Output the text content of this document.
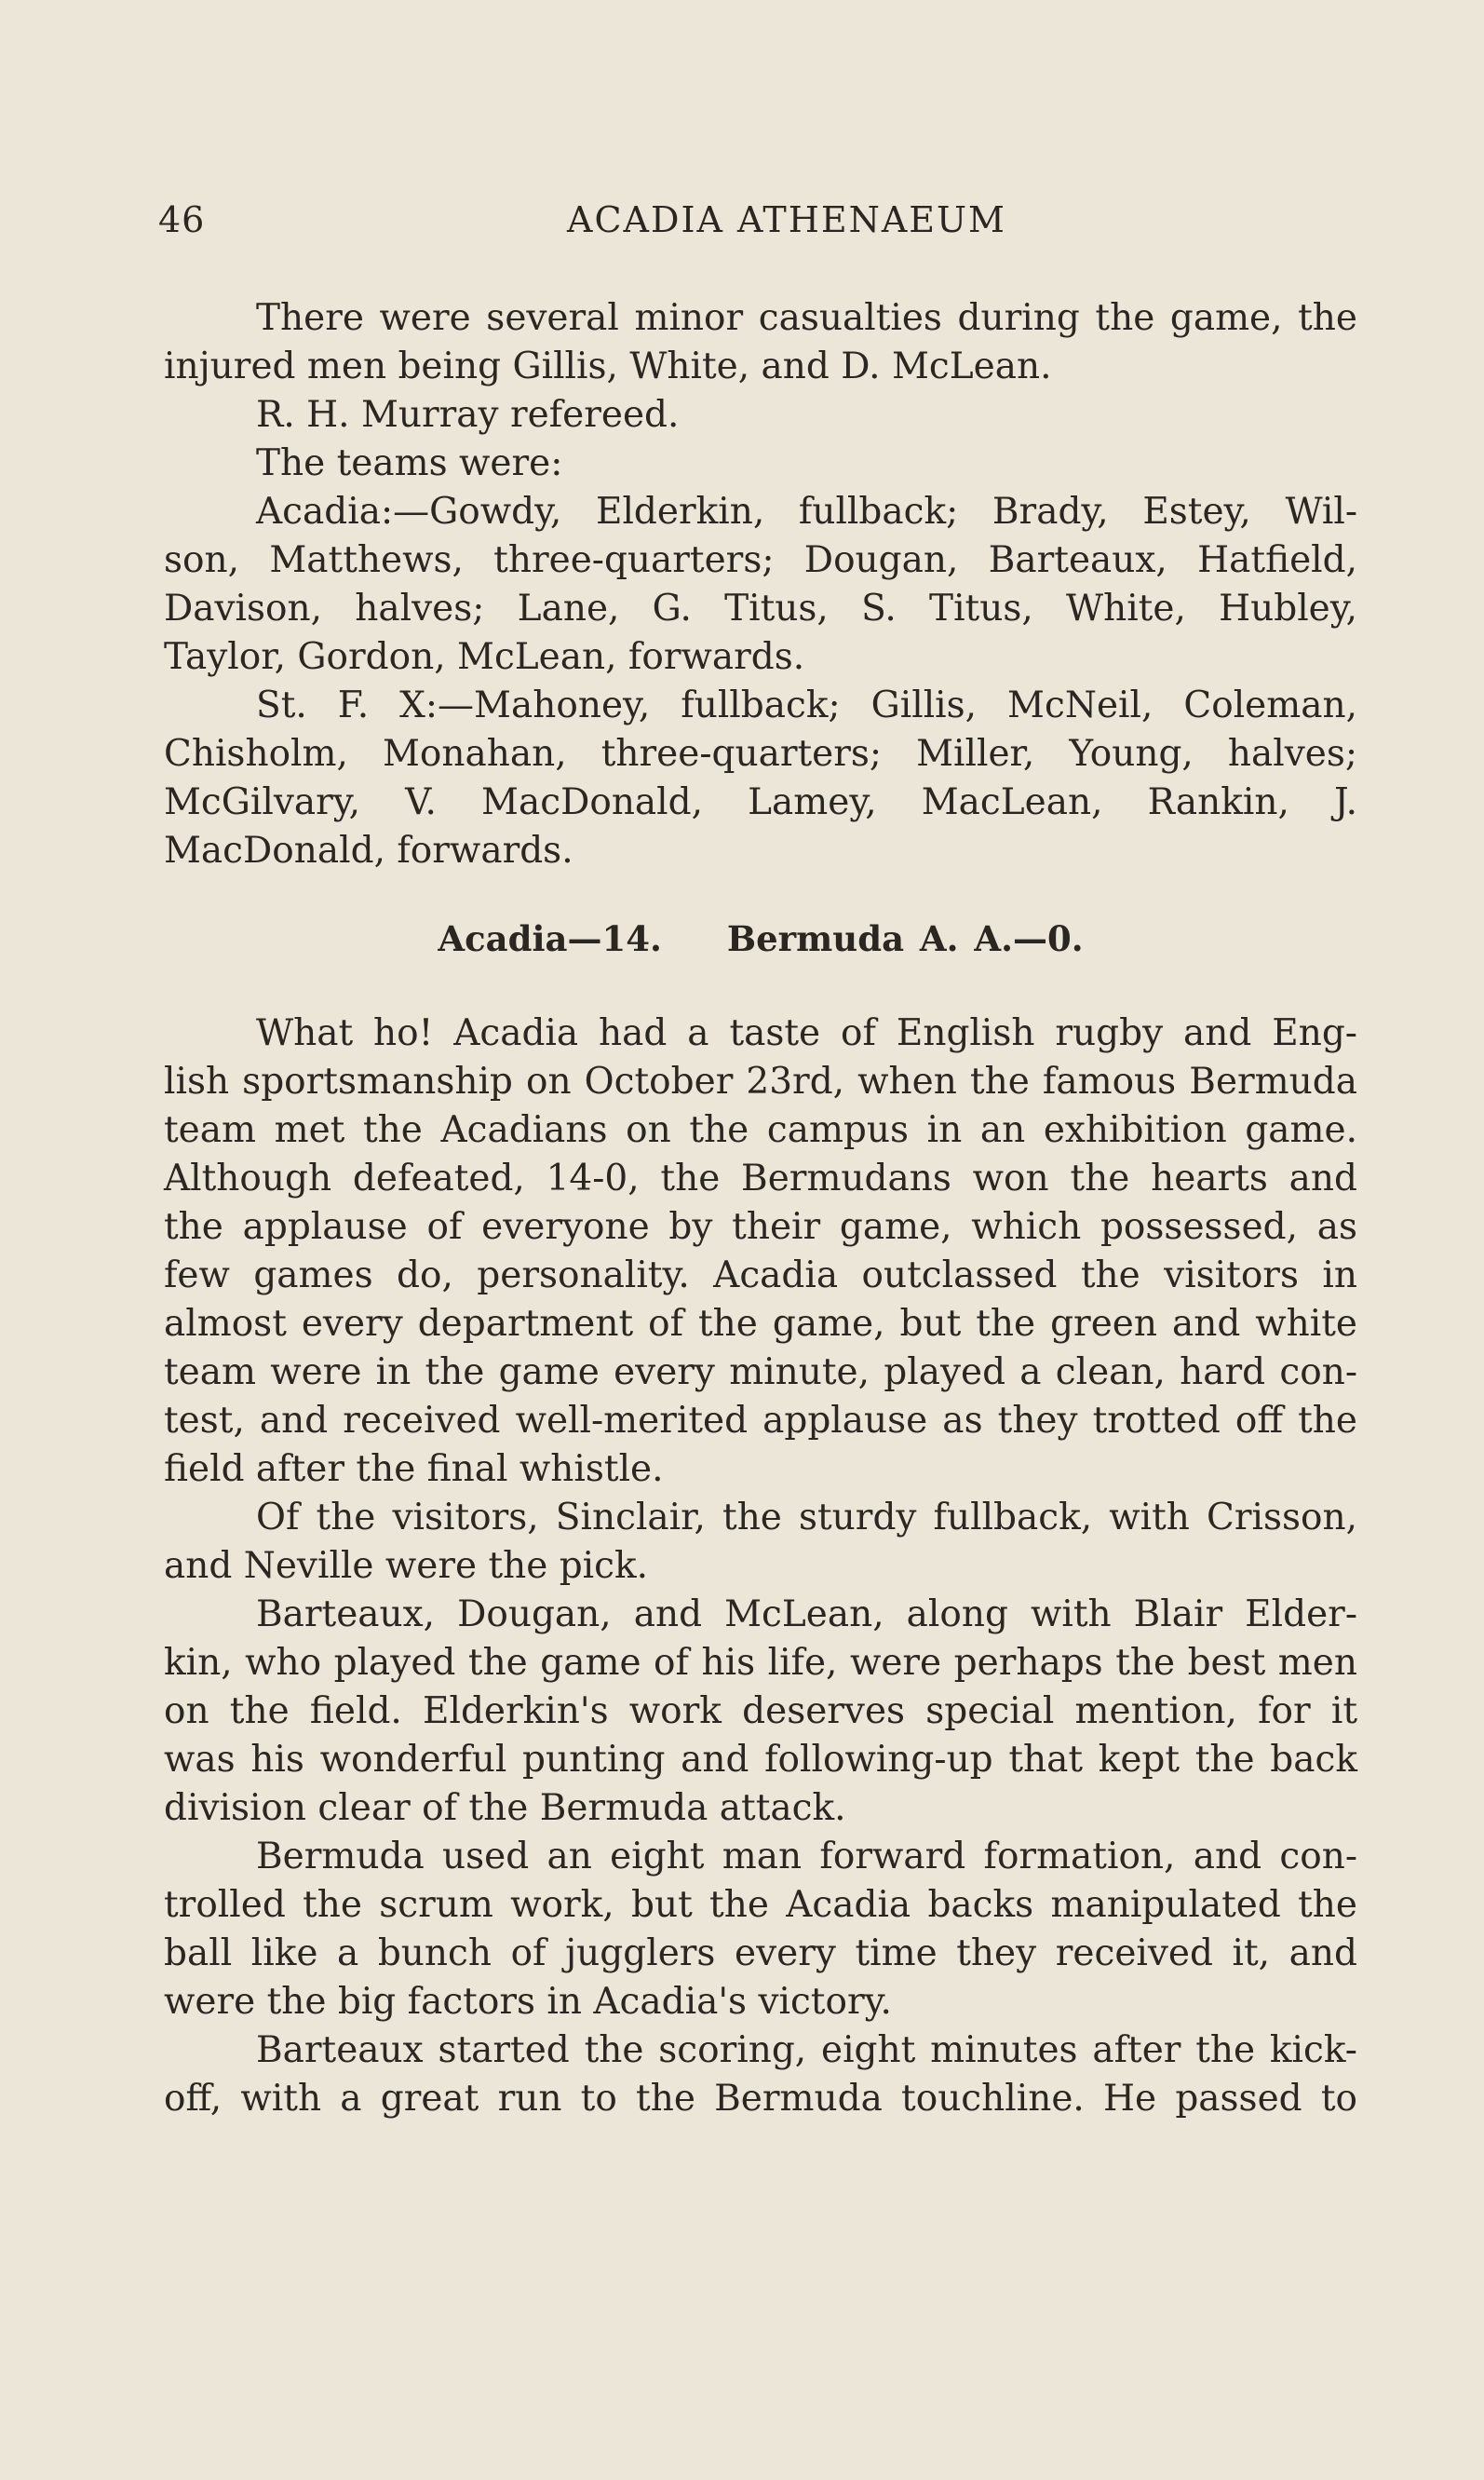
46	ACADIA ATHENAEUM
There were several minor casualties during the game, the
injured men being Gillis, White, and D. McLean.
R. H. Murray refereed.
The teams were:
Acadia:—Gowdy, Elderkin, fullback; Brady, Estey, Wil-
son, Matthews, three-quarters; Dougan, Barteaux, Hatfield,
Davison, halves; Lane, G. Titus, S. Titus, White, Hubley,
Taylor, Gordon, McLean, forwards.
St. F. X:—Mahoney, fullback; Gillis, McNeil, Coleman,
Chisholm, Monahan, three-quarters; Miller, Young, halves;
McGilvary, V. MacDonald, Lamey, MacLean, Rankin, J.
MacDonald, forwards.
Acadia—14. Bermuda A. A.—0.
What ho! Acadia had a taste of English rugby and Eng-
lish sportsmanship on October 23rd, when the famous Bermuda
team met the Acadians on the campus in an exhibition game.
Although defeated, 14-0, the Bermudans won the hearts and
the applause of everyone by their game, which possessed, as
few games do, personality. Acadia outclassed the visitors in
almost every department of the game, but the green and white
team were in the game every minute, played a clean, hard con-
test, and received well-merited applause as they trotted off the
field after the final whistle.
Of the visitors, Sinclair, the sturdy fullback, with Crisson,
and Neville were the pick.
Barteaux, Dougan, and McLean, along with Blair Elder-
kin, who played the game of his life, were perhaps the best men
on the field. Elderkin's work deserves special mention, for it
was his wonderful punting and following-up that kept the back
division clear of the Bermuda attack.
Bermuda used an eight man forward formation, and con-
trolled the scrum work, but the Acadia backs manipulated the
ball like a bunch of jugglers every time they received it, and
were the big factors in Acadia's victory.
Barteaux started the scoring, eight minutes after the kick-
off, with a great run to the Bermuda touchline. He passed to
